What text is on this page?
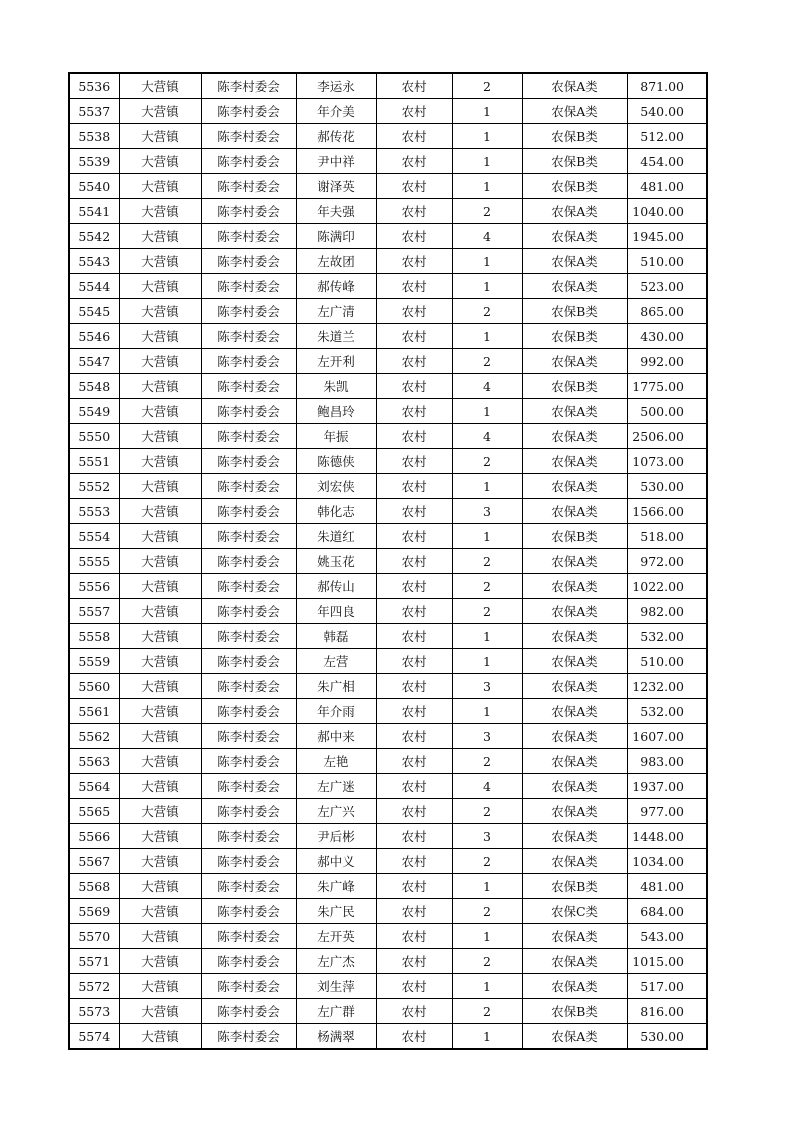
5536	大营镇	陈李村委会	李运永	农村	2	农保A类	871.00
5537	大营镇	陈李村委会	年介美	农村	1	农保A类	540.00
5538	大营镇	陈李村委会	郝传花	农村	1	农保B类	512.00
5539	大营镇	陈李村委会	尹中祥	农村	1	农保B类	454.00
5540	大营镇	陈李村委会	谢泽英	农村	1	农保B类	481.00
5541	大营镇	陈李村委会	年夫强	农村	2	农保A类	1040.00
5542	大营镇	陈李村委会	陈满印	农村	4	农保A类	1945.00
5543	大营镇	陈李村委会	左故团	农村	1	农保A类	510.00
5544	大营镇	陈李村委会	郝传峰	农村	1	农保A类	523.00
5545	大营镇	陈李村委会	左广清	农村	2	农保B类	865.00
5546	大营镇	陈李村委会	朱道兰	农村	1	农保B类	430.00
5547	大营镇	陈李村委会	左开利	农村	2	农保A类	992.00
5548	大营镇	陈李村委会	朱凯	农村	4	农保B类	1775.00
5549	大营镇	陈李村委会	鲍昌玲	农村	1	农保A类	500.00
5550	大营镇	陈李村委会	年振	农村	4	农保A类	2506.00
5551	大营镇	陈李村委会	陈德侠	农村	2	农保A类	1073.00
5552	大营镇	陈李村委会	刘宏侠	农村	1	农保A类	530.00
5553	大营镇	陈李村委会	韩化志	农村	3	农保A类	1566.00
5554	大营镇	陈李村委会	朱道红	农村	1	农保B类	518.00
5555	大营镇	陈李村委会	姚玉花	农村	2	农保A类	972.00
5556	大营镇	陈李村委会	郝传山	农村	2	农保A类	1022.00
5557	大营镇	陈李村委会	年四良	农村	2	农保A类	982.00
5558	大营镇	陈李村委会	韩磊	农村	1	农保A类	532.00
5559	大营镇	陈李村委会	左营	农村	1	农保A类	510.00
5560	大营镇	陈李村委会	朱广相	农村	3	农保A类	1232.00
5561	大营镇	陈李村委会	年介雨	农村	1	农保A类	532.00
5562	大营镇	陈李村委会	郝中来	农村	3	农保A类	1607.00
5563	大营镇	陈李村委会	左艳	农村	2	农保A类	983.00
5564	大营镇	陈李村委会	左广迷	农村	4	农保A类	1937.00
5565	大营镇	陈李村委会	左广兴	农村	2	农保A类	977.00
5566	大营镇	陈李村委会	尹后彬	农村	3	农保A类	1448.00
5567	大营镇	陈李村委会	郝中义	农村	2	农保A类	1034.00
5568	大营镇	陈李村委会	朱广峰	农村	1	农保B类	481.00
5569	大营镇	陈李村委会	朱广民	农村	2	农保C类	684.00
5570	大营镇	陈李村委会	左开英	农村	1	农保A类	543.00
5571	大营镇	陈李村委会	左广杰	农村	2	农保A类	1015.00
5572	大营镇	陈李村委会	刘生萍	农村	1	农保A类	517.00
5573	大营镇	陈李村委会	左广群	农村	2	农保B类	816.00
5574	大营镇	陈李村委会	杨满翠	农村	1	农保A类	530.00
